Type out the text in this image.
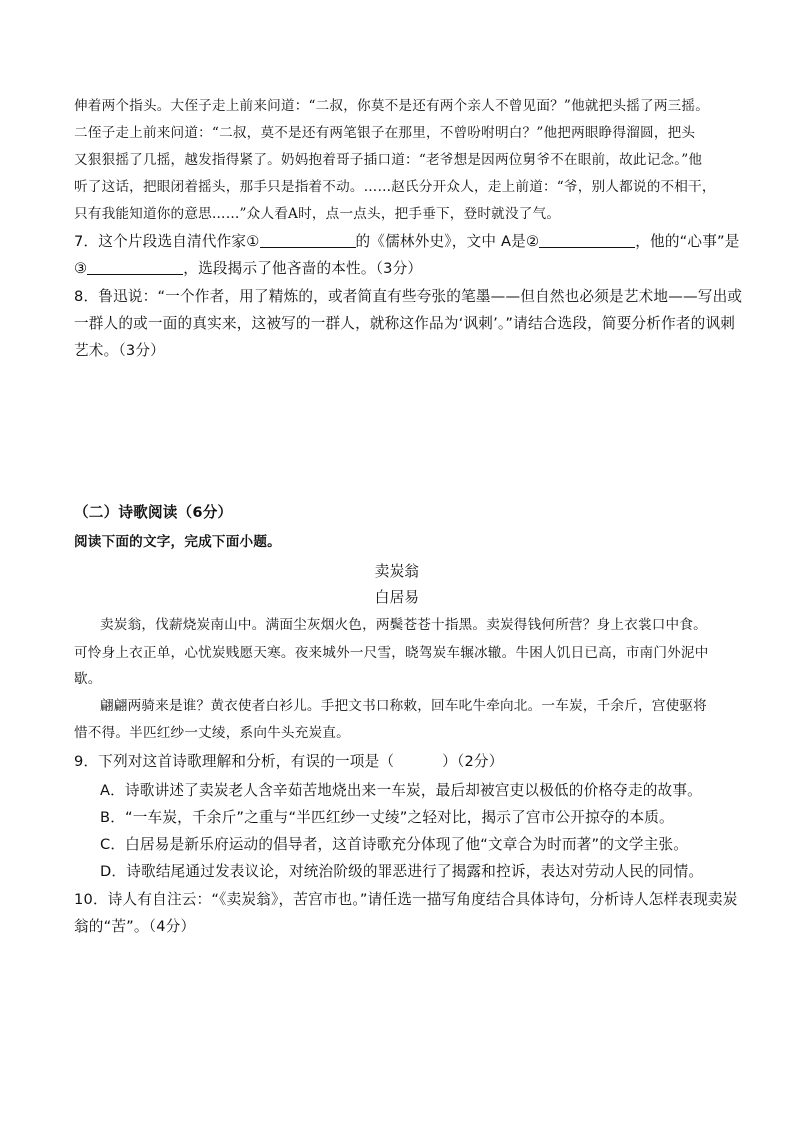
伸着两个指头。大侄子走上前来问道：“二叔，你莫不是还有两个亲人不曾见面？”他就把头摇了两三摇。
二侄子走上前来问道：“二叔，莫不是还有两笔银子在那里，不曾吩咐明白？”他把两眼睁得溜圆，把头
又狠狠摇了几摇，越发指得紧了。奶妈抱着哥子插口道：“老爷想是因两位舅爷不在眼前，故此记念。”他
听了这话，把眼闭着摇头，那手只是指着不动。……赵氏分开众人，走上前道：“爷，别人都说的不相干，
只有我能知道你的意思……”众人看A时，点一点头，把手垂下，登时就没了气。
7．这个片段选自清代作家①	的《儒林外史》，文中 A是②	，他的“心事”是
③	，选段揭示了他吝啬的本性。（3分）
8．鲁迅说：“一个作者，用了精炼的，或者简直有些夸张的笔墨——但自然也必须是艺术地——写出或
一群人的或一面的真实来，这被写的一群人，就称这作品为‘讽刺’。”请结合选段，简要分析作者的讽刺
艺术。（3分）
（二）诗歌阅读（6分）
阅读下面的文字，完成下面小题。
卖炭翁
白居易
卖炭翁，伐薪烧炭南山中。满面尘灰烟火色，两鬓苍苍十指黑。卖炭得钱何所营？身上衣裳口中食。
可怜身上衣正单，心忧炭贱愿天寒。夜来城外一尺雪，晓驾炭车辗冰辙。牛困人饥日已高，市南门外泥中
歇。
翩翩两骑来是谁？黄衣使者白衫儿。手把文书口称敕，回车叱牛牵向北。一车炭，千余斤，宫使驱将
惜不得。半匹红纱一丈绫，系向牛头充炭直。
9．下列对这首诗歌理解和分析，有误的一项是（	）（2分）
A．诗歌讲述了卖炭老人含辛茹苦地烧出来一车炭，最后却被宫吏以极低的价格夺走的故事。
B．“一车炭，千余斤”之重与“半匹红纱一丈绫”之轻对比，揭示了宫市公开掠夺的本质。
C．白居易是新乐府运动的倡导者，这首诗歌充分体现了他“文章合为时而著”的文学主张。
D．诗歌结尾通过发表议论，对统治阶级的罪恶进行了揭露和控诉，表达对劳动人民的同情。
10．诗人有自注云：“《卖炭翁》，苦宫市也。”请任选一描写角度结合具体诗句，分析诗人怎样表现卖炭
翁的“苦”。（4分）
